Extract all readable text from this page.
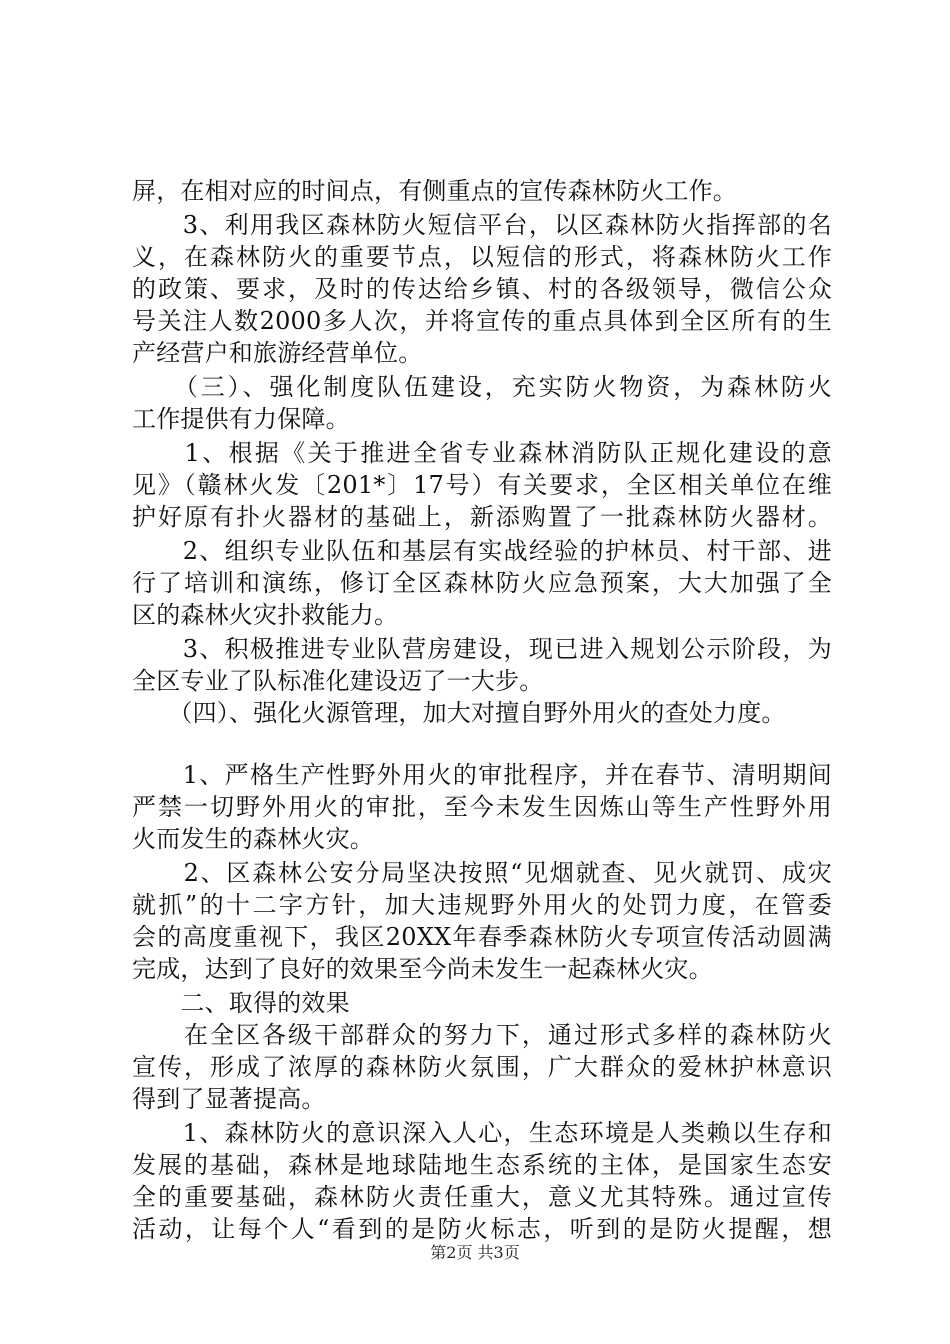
屏，在相对应的时间点，有侧重点的宣传森林防火工作。
　　3、利用我区森林防火短信平台，以区森林防火指挥部的名
义，在森林防火的重要节点，以短信的形式，将森林防火工作
的政策、要求，及时的传达给乡镇、村的各级领导，微信公众
号关注人数2000多人次，并将宣传的重点具体到全区所有的生
产经营户和旅游经营单位。
　　（三）、强化制度队伍建设，充实防火物资，为森林防火
工作提供有力保障。
　　1、根据《关于推进全省专业森林消防队正规化建设的意
见》（赣林火发〔201*〕17号）有关要求，全区相关单位在维
护好原有扑火器材的基础上，新添购置了一批森林防火器材。
　　2、组织专业队伍和基层有实战经验的护林员、村干部、进
行了培训和演练，修订全区森林防火应急预案，大大加强了全
区的森林火灾扑救能力。
　　3、积极推进专业队营房建设，现已进入规划公示阶段，为
全区专业了队标准化建设迈了一大步。
　　（四）、强化火源管理，加大对擅自野外用火的查处力度。
　　1、严格生产性野外用火的审批程序，并在春节、清明期间
严禁一切野外用火的审批，至今未发生因炼山等生产性野外用
火而发生的森林火灾。
　　2、区森林公安分局坚决按照“见烟就查、见火就罚、成灾
就抓”的十二字方针，加大违规野外用火的处罚力度，在管委
会的高度重视下，我区20XX年春季森林防火专项宣传活动圆满
完成，达到了良好的效果至今尚未发生一起森林火灾。
　　二、取得的效果
　　在全区各级干部群众的努力下，通过形式多样的森林防火
宣传，形成了浓厚的森林防火氛围，广大群众的爱林护林意识
得到了显著提高。
　　1、森林防火的意识深入人心，生态环境是人类赖以生存和
发展的基础，森林是地球陆地生态系统的主体，是国家生态安
全的重要基础，森林防火责任重大，意义尤其特殊。通过宣传
活动，让每个人“看到的是防火标志，听到的是防火提醒，想
第2页 共3页
